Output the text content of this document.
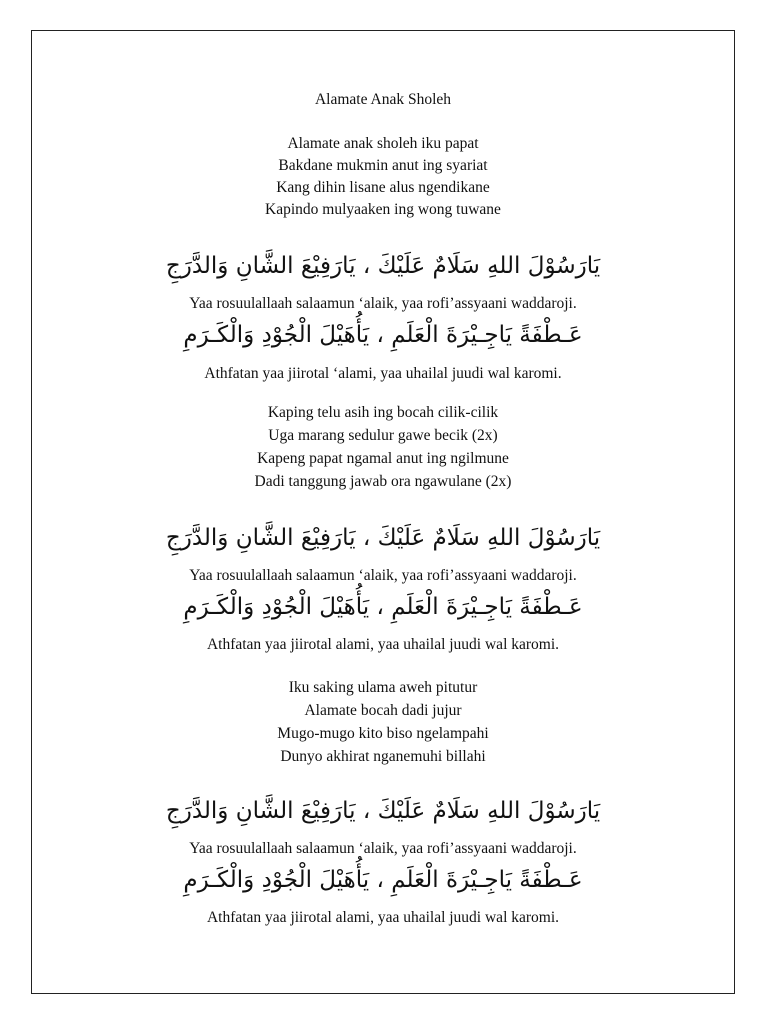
Alamate Anak Sholeh
Alamate anak sholeh iku papat
Bakdane mukmin anut ing syariat
Kang dihin lisane alus ngendikane
Kapindo mulyaaken ing wong tuwane
يَارَسُوْلَ اللهِ سَلَامٌ عَلَيْكَ ، يَارَفِيْعَ الشَّانِ وَالدَّرَجِ
Yaa rosuulallaah salaamun ‘alaik, yaa rofi’assyaani waddaroji.
عَـطْفَةً يَاجِـيْرَةَ الْعَلَمِ ، يَأُهَيْلَ الْجُوْدِ وَالْكَـرَمِ
Athfatan yaa jiirotal ‘alami, yaa uhailal juudi wal karomi.
Kaping telu asih ing bocah cilik-cilik
Uga marang sedulur gawe becik (2x)
Kapeng papat ngamal anut ing ngilmune
Dadi tanggung jawab ora ngawulane (2x)
يَارَسُوْلَ اللهِ سَلَامٌ عَلَيْكَ ، يَارَفِيْعَ الشَّانِ وَالدَّرَجِ
Yaa rosuulallaah salaamun ‘alaik, yaa rofi’assyaani waddaroji.
عَـطْفَةً يَاجِـيْرَةَ الْعَلَمِ ، يَأُهَيْلَ الْجُوْدِ وَالْكَـرَمِ
Athfatan yaa jiirotal alami, yaa uhailal juudi wal karomi.
Iku saking ulama aweh pitutur
Alamate bocah dadi jujur
Mugo-mugo kito biso ngelampahi
Dunyo akhirat nganemuhi billahi
يَارَسُوْلَ اللهِ سَلَامٌ عَلَيْكَ ، يَارَفِيْعَ الشَّانِ وَالدَّرَجِ
Yaa rosuulallaah salaamun ‘alaik, yaa rofi’assyaani waddaroji.
عَـطْفَةً يَاجِـيْرَةَ الْعَلَمِ ، يَأُهَيْلَ الْجُوْدِ وَالْكَـرَمِ
Athfatan yaa jiirotal alami, yaa uhailal juudi wal karomi.
